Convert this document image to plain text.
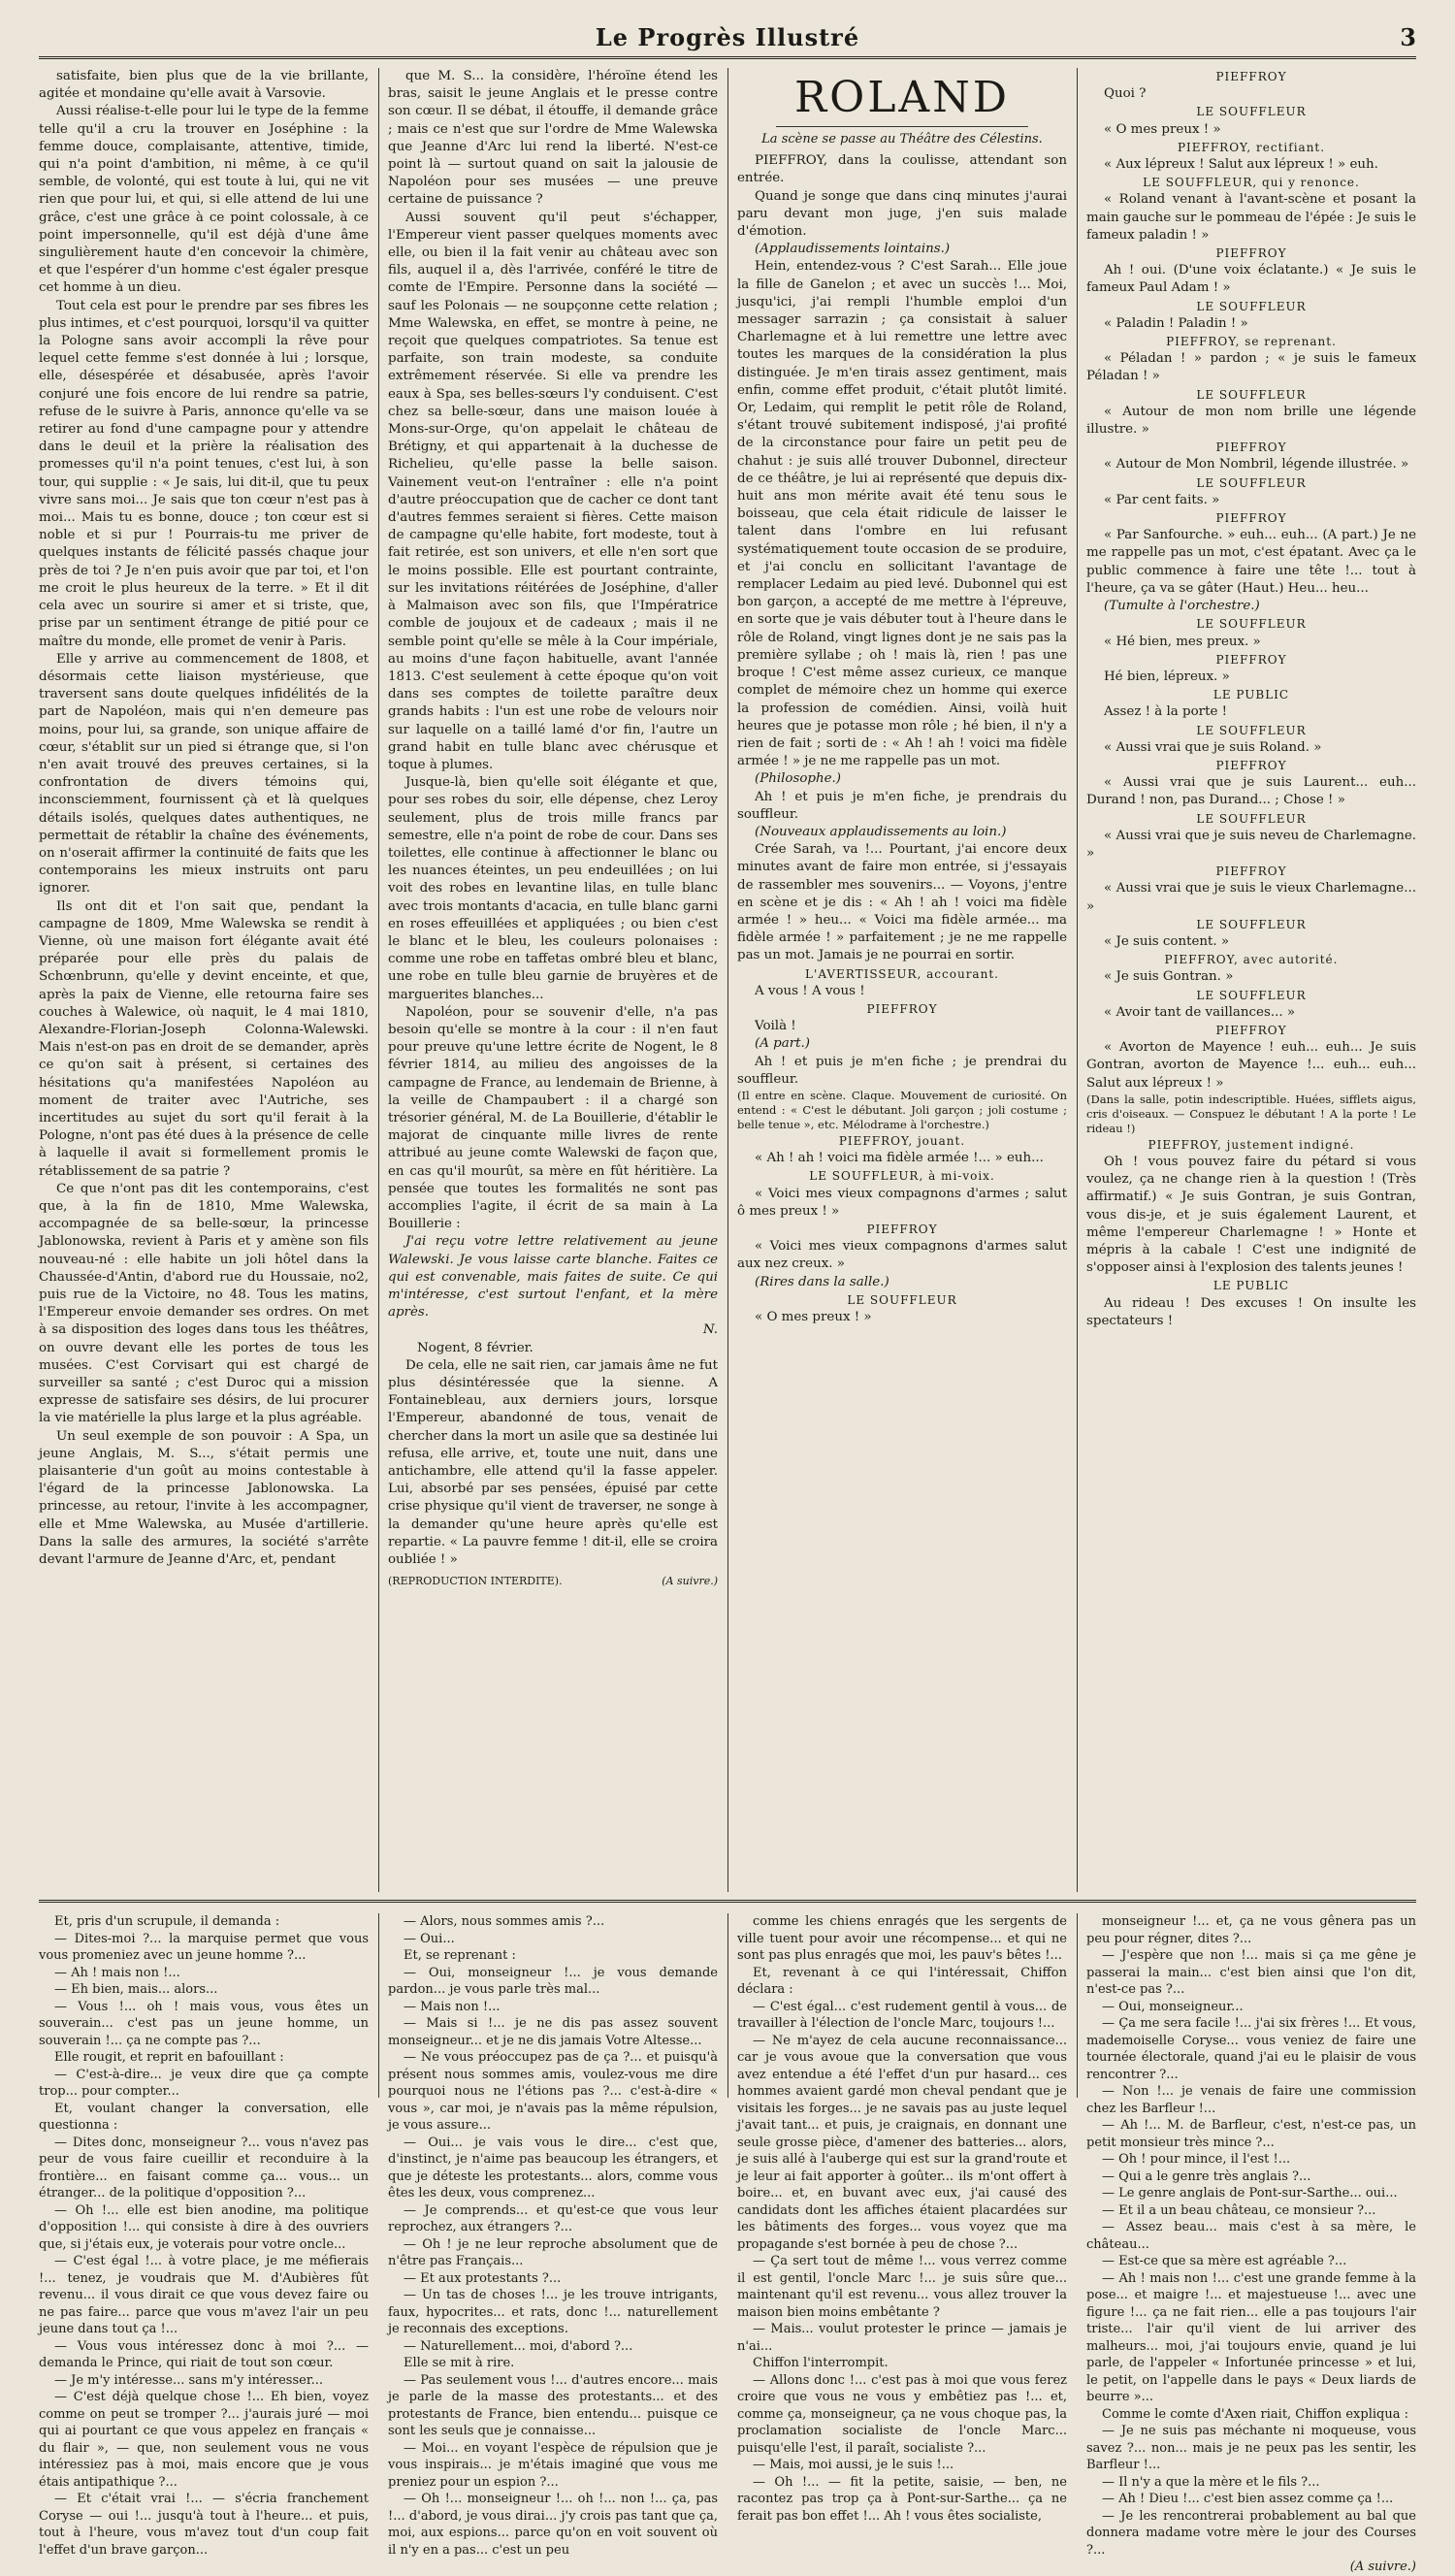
Le Progrès Illustré	3

satisfaite, bien plus que de la vie brillante, agitée et mondaine qu'elle avait à Varsovie.

Aussi réalise-t-elle pour lui le type de la femme telle qu'il a cru la trouver en Joséphine : la femme douce, complaisante, attentive, timide, qui n'a point d'ambition, ni même, à ce qu'il semble, de volonté, qui est toute à lui, qui ne vit rien que pour lui, et qui, si elle attend de lui une grâce, c'est une grâce à ce point colossale, à ce point impersonnelle, qu'il est déjà d'une âme singulièrement haute d'en concevoir la chimère, et que l'espérer d'un homme c'est égaler presque cet homme à un dieu.

Tout cela est pour le prendre par ses fibres les plus intimes, et c'est pourquoi, lorsqu'il va quitter la Pologne sans avoir accompli la rêve pour lequel cette femme s'est donnée à lui ; lorsque, elle, désespérée et désabusée, après l'avoir conjuré une fois encore de lui rendre sa patrie, refuse de le suivre à Paris, annonce qu'elle va se retirer au fond d'une campagne pour y attendre dans le deuil et la prière la réalisation des promesses qu'il n'a point tenues, c'est lui, à son tour, qui supplie : « Je sais, lui dit-il, que tu peux vivre sans moi... Je sais que ton cœur n'est pas à moi... Mais tu es bonne, douce ; ton cœur est si noble et si pur ! Pourrais-tu me priver de quelques instants de félicité passés chaque jour près de toi ? Je n'en puis avoir que par toi, et l'on me croit le plus heureux de la terre. » Et il dit cela avec un sourire si amer et si triste, que, prise par un sentiment étrange de pitié pour ce maître du monde, elle promet de venir à Paris.

Elle y arrive au commencement de 1808, et désormais cette liaison mystérieuse, que traversent sans doute quelques infidélités de la part de Napoléon, mais qui n'en demeure pas moins, pour lui, sa grande, son unique affaire de cœur, s'établit sur un pied si étrange que, si l'on n'en avait trouvé des preuves certaines, si la confrontation de divers témoins qui, inconsciemment, fournissent çà et là quelques détails isolés, quelques dates authentiques, ne permettait de rétablir la chaîne des événements, on n'oserait affirmer la continuité de faits que les contemporains les mieux instruits ont paru ignorer.

Ils ont dit et l'on sait que, pendant la campagne de 1809, Mme Walewska se rendit à Vienne, où une maison fort élégante avait été préparée pour elle près du palais de Schœnbrunn, qu'elle y devint enceinte, et que, après la paix de Vienne, elle retourna faire ses couches à Walewice, où naquit, le 4 mai 1810, Alexandre-Florian-Joseph Colonna-Walewski. Mais n'est-on pas en droit de se demander, après ce qu'on sait à présent, si certaines des hésitations qu'a manifestées Napoléon au moment de traiter avec l'Autriche, ses incertitudes au sujet du sort qu'il ferait à la Pologne, n'ont pas été dues à la présence de celle à laquelle il avait si formellement promis le rétablissement de sa patrie ?

Ce que n'ont pas dit les contemporains, c'est que, à la fin de 1810, Mme Walewska, accompagnée de sa belle-sœur, la princesse Jablonowska, revient à Paris et y amène son fils nouveau-né : elle habite un joli hôtel dans la Chaussée-d'Antin, d'abord rue du Houssaie, no2, puis rue de la Victoire, no 48. Tous les matins, l'Empereur envoie demander ses ordres. On met à sa disposition des loges dans tous les théâtres, on ouvre devant elle les portes de tous les musées. C'est Corvisart qui est chargé de surveiller sa santé ; c'est Duroc qui a mission expresse de satisfaire ses désirs, de lui procurer la vie matérielle la plus large et la plus agréable.

Un seul exemple de son pouvoir : A Spa, un jeune Anglais, M. S..., s'était permis une plaisanterie d'un goût au moins contestable à l'égard de la princesse Jablonowska. La princesse, au retour, l'invite à les accompagner, elle et Mme Walewska, au Musée d'artillerie. Dans la salle des armures, la société s'arrête devant l'armure de Jeanne d'Arc, et, pendant

que M. S... la considère, l'héroïne étend les bras, saisit le jeune Anglais et le presse contre son cœur. Il se débat, il étouffe, il demande grâce ; mais ce n'est que sur l'ordre de Mme Walewska que Jeanne d'Arc lui rend la liberté. N'est-ce point là — surtout quand on sait la jalousie de Napoléon pour ses musées — une preuve certaine de puissance ?

Aussi souvent qu'il peut s'échapper, l'Empereur vient passer quelques moments avec elle, ou bien il la fait venir au château avec son fils, auquel il a, dès l'arrivée, conféré le titre de comte de l'Empire. Personne dans la société — sauf les Polonais — ne soupçonne cette relation ; Mme Walewska, en effet, se montre à peine, ne reçoit que quelques compatriotes. Sa tenue est parfaite, son train modeste, sa conduite extrêmement réservée. Si elle va prendre les eaux à Spa, ses belles-sœurs l'y conduisent. C'est chez sa belle-sœur, dans une maison louée à Mons-sur-Orge, qu'on appelait le château de Brétigny, et qui appartenait à la duchesse de Richelieu, qu'elle passe la belle saison. Vainement veut-on l'entraîner : elle n'a point d'autre préoccupation que de cacher ce dont tant d'autres femmes seraient si fières. Cette maison de campagne qu'elle habite, fort modeste, tout à fait retirée, est son univers, et elle n'en sort que le moins possible. Elle est pourtant contrainte, sur les invitations réitérées de Joséphine, d'aller à Malmaison avec son fils, que l'Impératrice comble de joujoux et de cadeaux ; mais il ne semble point qu'elle se mêle à la Cour impériale, au moins d'une façon habituelle, avant l'année 1813. C'est seulement à cette époque qu'on voit dans ses comptes de toilette paraître deux grands habits : l'un est une robe de velours noir sur laquelle on a taillé lamé d'or fin, l'autre un grand habit en tulle blanc avec chérusque et toque à plumes.

Jusque-là, bien qu'elle soit élégante et que, pour ses robes du soir, elle dépense, chez Leroy seulement, plus de trois mille francs par semestre, elle n'a point de robe de cour. Dans ses toilettes, elle continue à affectionner le blanc ou les nuances éteintes, un peu endeuillées ; on lui voit des robes en levantine lilas, en tulle blanc avec trois montants d'acacia, en tulle blanc garni en roses effeuillées et appliquées ; ou bien c'est le blanc et le bleu, les couleurs polonaises : comme une robe en taffetas ombré bleu et blanc, une robe en tulle bleu garnie de bruyères et de marguerites blanches...

Napoléon, pour se souvenir d'elle, n'a pas besoin qu'elle se montre à la cour : il n'en faut pour preuve qu'une lettre écrite de Nogent, le 8 février 1814, au milieu des angoisses de la campagne de France, au lendemain de Brienne, à la veille de Champaubert : il a chargé son trésorier général, M. de La Bouillerie, d'établir le majorat de cinquante mille livres de rente attribué au jeune comte Walewski de façon que, en cas qu'il mourût, sa mère en fût héritière. La pensée que toutes les formalités ne sont pas accomplies l'agite, il écrit de sa main à La Bouillerie :

J'ai reçu votre lettre relativement au jeune Walewski. Je vous laisse carte blanche. Faites ce qui est convenable, mais faites de suite. Ce qui m'intéresse, c'est surtout l'enfant, et la mère après.

N.
Nogent, 8 février.

De cela, elle ne sait rien, car jamais âme ne fut plus désintéressée que la sienne. A Fontainebleau, aux derniers jours, lorsque l'Empereur, abandonné de tous, venait de chercher dans la mort un asile que sa destinée lui refusa, elle arrive, et, toute une nuit, dans une antichambre, elle attend qu'il la fasse appeler. Lui, absorbé par ses pensées, épuisé par cette crise physique qu'il vient de traverser, ne songe à la demander qu'une heure après qu'elle est repartie. « La pauvre femme ! dit-il, elle se croira oubliée ! »

(REPRODUCTION INTERDITE).	(A suivre.)
ROLAND
La scène se passe au Théâtre des Célestins.

PIEFFROY, dans la coulisse, attendant son entrée.

Quand je songe que dans cinq minutes j'aurai paru devant mon juge, j'en suis malade d'émotion.

(Applaudissements lointains.)

Hein, entendez-vous ? C'est Sarah... Elle joue la fille de Ganelon ; et avec un succès !... Moi, jusqu'ici, j'ai rempli l'humble emploi d'un messager sarrazin ; ça consistait à saluer Charlemagne et à lui remettre une lettre avec toutes les marques de la considération la plus distinguée. Je m'en tirais assez gentiment, mais enfin, comme effet produit, c'était plutôt limité. Or, Ledaim, qui remplit le petit rôle de Roland, s'étant trouvé subitement indisposé, j'ai profité de la circonstance pour faire un petit peu de chahut : je suis allé trouver Dubonnel, directeur de ce théâtre, je lui ai représenté que depuis dix-huit ans mon mérite avait été tenu sous le boisseau, que cela était ridicule de laisser le talent dans l'ombre en lui refusant systématiquement toute occasion de se produire, et j'ai conclu en sollicitant l'avantage de remplacer Ledaim au pied levé. Dubonnel qui est bon garçon, a accepté de me mettre à l'épreuve, en sorte que je vais débuter tout à l'heure dans le rôle de Roland, vingt lignes dont je ne sais pas la première syllabe ; oh ! mais là, rien ! pas une broque ! C'est même assez curieux, ce manque complet de mémoire chez un homme qui exerce la profession de comédien. Ainsi, voilà huit heures que je potasse mon rôle ; hé bien, il n'y a rien de fait ; sorti de : « Ah ! ah ! voici ma fidèle armée ! » je ne me rappelle pas un mot.

(Philosophe.)

Ah ! et puis je m'en fiche, je prendrais du souffleur.

(Nouveaux applaudissements au loin.)

Crée Sarah, va !... Pourtant, j'ai encore deux minutes avant de faire mon entrée, si j'essayais de rassembler mes souvenirs... — Voyons, j'entre en scène et je dis : « Ah ! ah ! voici ma fidèle armée ! » heu... « Voici ma fidèle armée... ma fidèle armée ! » parfaitement ; je ne me rappelle pas un mot. Jamais je ne pourrai en sortir.

L'AVERTISSEUR, accourant.

A vous ! A vous !

PIEFFROY

Voilà !

(A part.)

Ah ! et puis je m'en fiche ; je prendrai du souffleur.

(Il entre en scène. Claque. Mouvement de curiosité. On entend : « C'est le débutant. Joli garçon ; joli costume ; belle tenue », etc. Mélodrame à l'orchestre.)

PIEFFROY, jouant.

« Ah ! ah ! voici ma fidèle armée !... » euh...

LE SOUFFLEUR, à mi-voix.

« Voici mes vieux compagnons d'armes ; salut ô mes preux ! »

PIEFFROY

« Voici mes vieux compagnons d'armes salut aux nez creux. »

(Rires dans la salle.)

LE SOUFFLEUR

« O mes preux ! »

PIEFFROY

Quoi ?

LE SOUFFLEUR

« O mes preux ! »

PIEFFROY, rectifiant.

« Aux lépreux ! Salut aux lépreux ! » euh.

LE SOUFFLEUR, qui y renonce.

« Roland venant à l'avant-scène et posant la main gauche sur le pommeau de l'épée : Je suis le fameux paladin ! »

PIEFFROY

Ah ! oui. (D'une voix éclatante.) « Je suis le fameux Paul Adam ! »

LE SOUFFLEUR

« Paladin ! Paladin ! »

PIEFFROY, se reprenant.

« Péladan ! » pardon ; « je suis le fameux Péladan ! »

LE SOUFFLEUR

« Autour de mon nom brille une légende illustre. »

PIEFFROY

« Autour de Mon Nombril, légende illustrée. »

LE SOUFFLEUR

« Par cent faits. »

PIEFFROY

« Par Sanfourche. » euh... euh... (A part.) Je ne me rappelle pas un mot, c'est épatant. Avec ça le public commence à faire une tête !... tout à l'heure, ça va se gâter (Haut.) Heu... heu...

(Tumulte à l'orchestre.)

LE SOUFFLEUR

« Hé bien, mes preux. »

PIEFFROY

Hé bien, lépreux. »

LE PUBLIC

Assez ! à la porte !

LE SOUFFLEUR

« Aussi vrai que je suis Roland. »

PIEFFROY

« Aussi vrai que je suis Laurent... euh... Durand ! non, pas Durand... ; Chose ! »

LE SOUFFLEUR

« Aussi vrai que je suis neveu de Charlemagne. »

PIEFFROY

« Aussi vrai que je suis le vieux Charlemagne... »

LE SOUFFLEUR

« Je suis content. »

PIEFFROY, avec autorité.

« Je suis Gontran. »

LE SOUFFLEUR

« Avoir tant de vaillances... »

PIEFFROY

« Avorton de Mayence ! euh... euh... Je suis Gontran, avorton de Mayence !... euh... euh... Salut aux lépreux ! »

(Dans la salle, potin indescriptible. Huées, sifflets aigus, cris d'oiseaux. — Conspuez le débutant ! A la porte ! Le rideau !)

PIEFFROY, justement indigné.

Oh ! vous pouvez faire du pétard si vous voulez, ça ne change rien à la question ! (Très affirmatif.) « Je suis Gontran, je suis Gontran, vous dis-je, et je suis également Laurent, et même l'empereur Charlemagne ! » Honte et mépris à la cabale ! C'est une indignité de s'opposer ainsi à l'explosion des talents jeunes !

LE PUBLIC

Au rideau ! Des excuses ! On insulte les spectateurs !

Et, pris d'un scrupule, il demanda :

— Dites-moi ?... la marquise permet que vous vous promeniez avec un jeune homme ?...

— Ah ! mais non !...

— Eh bien, mais... alors...

— Vous !... oh ! mais vous, vous êtes un souverain... c'est pas un jeune homme, un souverain !... ça ne compte pas ?...

Elle rougit, et reprit en bafouillant :

— C'est-à-dire... je veux dire que ça compte trop... pour compter...

Et, voulant changer la conversation, elle questionna :

— Dites donc, monseigneur ?... vous n'avez pas peur de vous faire cueillir et reconduire à la frontière... en faisant comme ça... vous... un étranger... de la politique d'opposition ?...

— Oh !... elle est bien anodine, ma politique d'opposition !... qui consiste à dire à des ouvriers que, si j'étais eux, je voterais pour votre oncle...

— C'est égal !... à votre place, je me méfierais !... tenez, je voudrais que M. d'Aubières fût revenu... il vous dirait ce que vous devez faire ou ne pas faire... parce que vous m'avez l'air un peu jeune dans tout ça !...

— Vous vous intéressez donc à moi ?... — demanda le Prince, qui riait de tout son cœur.

— Je m'y intéresse... sans m'y intéresser...

— C'est déjà quelque chose !... Eh bien, voyez comme on peut se tromper ?... j'aurais juré — moi qui ai pourtant ce que vous appelez en français « du flair », — que, non seulement vous ne vous intéressiez pas à moi, mais encore que je vous étais antipathique ?...

— Et c'était vrai !... — s'écria franchement Coryse — oui !... jusqu'à tout à l'heure... et puis, tout à l'heure, vous m'avez tout d'un coup fait l'effet d'un brave garçon...

— Alors, nous sommes amis ?...

— Oui...

Et, se reprenant :

— Oui, monseigneur !... je vous demande pardon... je vous parle très mal...

— Mais non !...

— Mais si !... je ne dis pas assez souvent monseigneur... et je ne dis jamais Votre Altesse...

— Ne vous préoccupez pas de ça ?... et puisqu'à présent nous sommes amis, voulez-vous me dire pourquoi nous ne l'étions pas ?... c'est-à-dire « vous », car moi, je n'avais pas la même répulsion, je vous assure...

— Oui... je vais vous le dire... c'est que, d'instinct, je n'aime pas beaucoup les étrangers, et que je déteste les protestants... alors, comme vous êtes les deux, vous comprenez...

— Je comprends... et qu'est-ce que vous leur reprochez, aux étrangers ?...

— Oh ! je ne leur reproche absolument que de n'être pas Français...

— Et aux protestants ?...

— Un tas de choses !... je les trouve intrigants, faux, hypocrites... et rats, donc !... naturellement je reconnais des exceptions.

— Naturellement... moi, d'abord ?...

Elle se mit à rire.

— Pas seulement vous !... d'autres encore... mais je parle de la masse des protestants... et des protestants de France, bien entendu... puisque ce sont les seuls que je connaisse...

— Moi... en voyant l'espèce de répulsion que je vous inspirais... je m'étais imaginé que vous me preniez pour un espion ?...

— Oh !... monseigneur !... oh !... non !... ça, pas !... d'abord, je vous dirai... j'y crois pas tant que ça, moi, aux espions... parce qu'on en voit souvent où il n'y en a pas... c'est un peu

comme les chiens enragés que les sergents de ville tuent pour avoir une récompense... et qui ne sont pas plus enragés que moi, les pauv's bêtes !...

Et, revenant à ce qui l'intéressait, Chiffon déclara :

— C'est égal... c'est rudement gentil à vous... de travailler à l'élection de l'oncle Marc, toujours !...

— Ne m'ayez de cela aucune reconnaissance... car je vous avoue que la conversation que vous avez entendue a été l'effet d'un pur hasard... ces hommes avaient gardé mon cheval pendant que je visitais les forges... je ne savais pas au juste lequel j'avait tant... et puis, je craignais, en donnant une seule grosse pièce, d'amener des batteries... alors, je suis allé à l'auberge qui est sur la grand'route et je leur ai fait apporter à goûter... ils m'ont offert à boire... et, en buvant avec eux, j'ai causé des candidats dont les affiches étaient placardées sur les bâtiments des forges... vous voyez que ma propagande s'est bornée à peu de chose ?...

— Ça sert tout de même !... vous verrez comme il est gentil, l'oncle Marc !... je suis sûre que... maintenant qu'il est revenu... vous allez trouver la maison bien moins embêtante ?

— Mais... voulut protester le prince — jamais je n'ai...

Chiffon l'interrompit.

— Allons donc !... c'est pas à moi que vous ferez croire que vous ne vous y embêtiez pas !... et, comme ça, monseigneur, ça ne vous choque pas, la proclamation socialiste de l'oncle Marc... puisqu'elle l'est, il paraît, socialiste ?...

— Mais, moi aussi, je le suis !...

— Oh !... — fit la petite, saisie, — ben, ne racontez pas trop ça à Pont-sur-Sarthe... ça ne ferait pas bon effet !... Ah ! vous êtes socialiste,

monseigneur !... et, ça ne vous gênera pas un peu pour régner, dites ?...

— J'espère que non !... mais si ça me gêne je passerai la main... c'est bien ainsi que l'on dit, n'est-ce pas ?...

— Oui, monseigneur...

— Ça me sera facile !... j'ai six frères !... Et vous, mademoiselle Coryse... vous veniez de faire une tournée électorale, quand j'ai eu le plaisir de vous rencontrer ?...

— Non !... je venais de faire une commission chez les Barfleur !...

— Ah !... M. de Barfleur, c'est, n'est-ce pas, un petit monsieur très mince ?...

— Oh ! pour mince, il l'est !...

— Qui a le genre très anglais ?...

— Le genre anglais de Pont-sur-Sarthe... oui...

— Et il a un beau château, ce monsieur ?...

— Assez beau... mais c'est à sa mère, le château...

— Est-ce que sa mère est agréable ?...

— Ah ! mais non !... c'est une grande femme à la pose... et maigre !... et majestueuse !... avec une figure !... ça ne fait rien... elle a pas toujours l'air triste... l'air qu'il vient de lui arriver des malheurs... moi, j'ai toujours envie, quand je lui parle, de l'appeler « Infortunée princesse » et lui, le petit, on l'appelle dans le pays « Deux liards de beurre »...

Comme le comte d'Axen riait, Chiffon expliqua :

— Je ne suis pas méchante ni moqueuse, vous savez ?... non... mais je ne peux pas les sentir, les Barfleur !...

— Il n'y a que la mère et le fils ?...

— Ah ! Dieu !... c'est bien assez comme ça !...

— Je les rencontrerai probablement au bal que donnera madame votre mère le jour des Courses ?...

(A suivre.)
